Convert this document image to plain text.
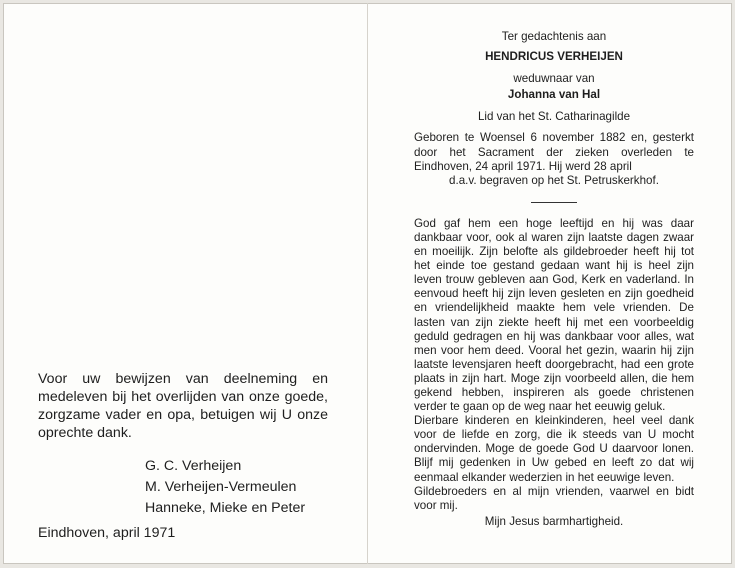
Voor uw bewijzen van deelneming en medeleven bij het overlijden van onze goede, zorgzame vader en opa, betuigen wij U onze oprechte dank.

G. C. Verheijen
M. Verheijen-Vermeulen
Hanneke, Mieke en Peter
Eindhoven, april 1971
Ter gedachtenis aan
HENDRICUS VERHEIJEN
weduwnaar van
Johanna van Hal
Lid van het St. Catharinagilde

Geboren te Woensel 6 november 1882 en, gesterkt door het Sacrament der zieken overleden te Eindhoven, 24 april 1971. Hij werd 28 april

d.a.v. begraven op het St. Petruskerkhof.

God gaf hem een hoge leeftijd en hij was daar dankbaar voor, ook al waren zijn laatste dagen zwaar en moeilijk. Zijn belofte als gildebroeder heeft hij tot het einde toe gestand gedaan want hij is heel zijn leven trouw gebleven aan God, Kerk en vaderland. In eenvoud heeft hij zijn leven gesleten en zijn goedheid en vriendelijkheid maakte hem vele vrienden. De lasten van zijn ziekte heeft hij met een voorbeeldig geduld gedragen en hij was dankbaar voor alles, wat men voor hem deed. Vooral het gezin, waarin hij zijn laatste levensjaren heeft doorgebracht, had een grote plaats in zijn hart. Moge zijn voorbeeld allen, die hem gekend hebben, inspireren als goede christenen verder te gaan op de weg naar het eeuwig geluk.

Dierbare kinderen en kleinkinderen, heel veel dank voor de liefde en zorg, die ik steeds van U mocht ondervinden. Moge de goede God U daarvoor lonen. Blijf mij gedenken in Uw gebed en leeft zo dat wij eenmaal elkander wederzien in het eeuwige leven.

Gildebroeders en al mijn vrienden, vaarwel en bidt voor mij.

Mijn Jesus barmhartigheid.
